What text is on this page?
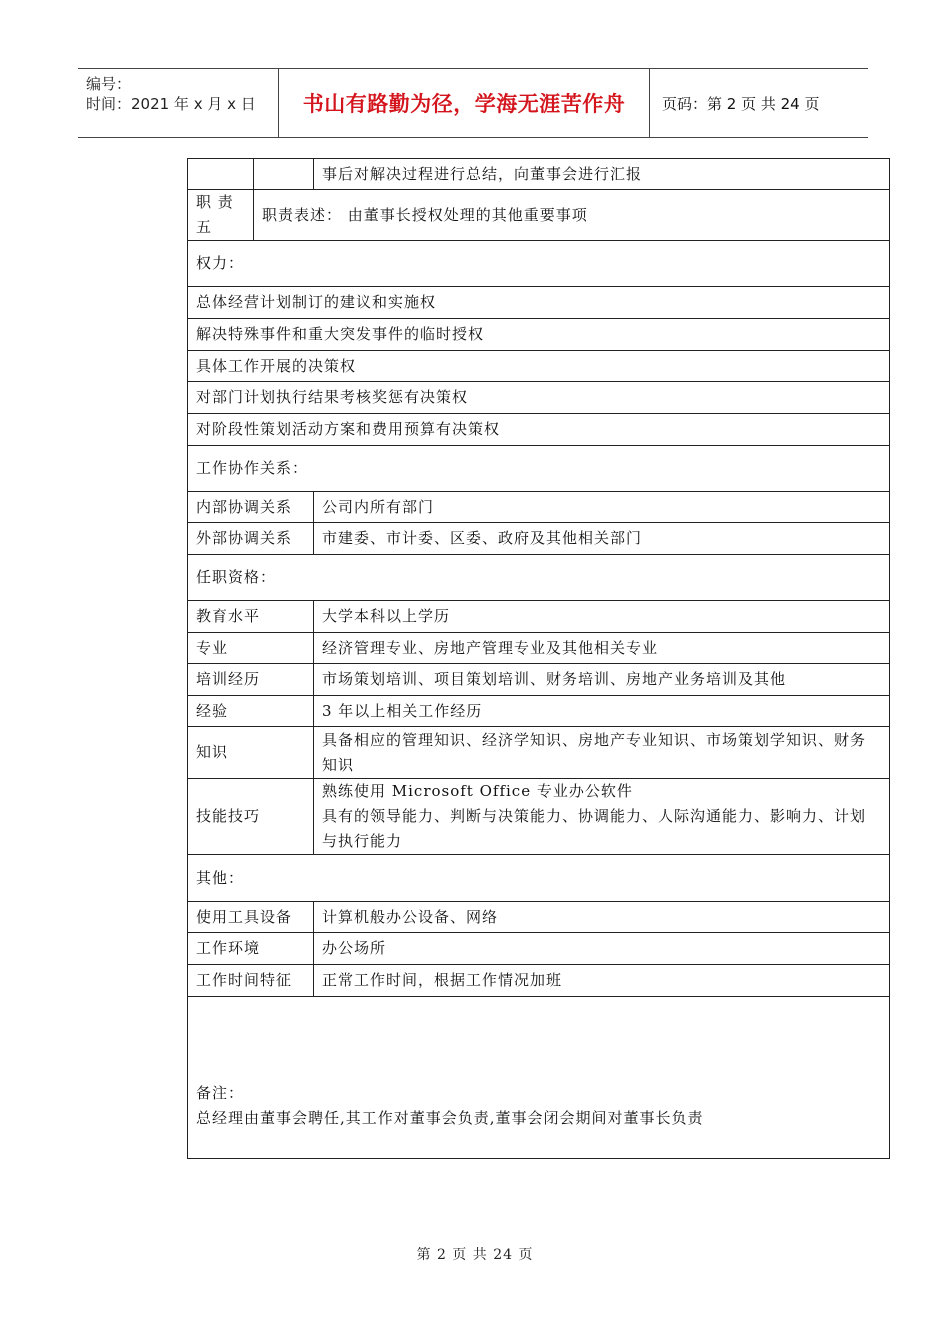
编号：
时间：2021 年 x 月 x 日 书山有路勤为径，学海无涯苦作舟 页码：第 2 页 共 24 页
		事后对解决过程进行总结，向董事会进行汇报
职 责 五	职责表述： 由董事长授权处理的其他重要事项	
权力：		
总体经营计划制订的建议和实施权		
解决特殊事件和重大突发事件的临时授权		
具体工作开展的决策权		
对部门计划执行结果考核奖惩有决策权		
对阶段性策划活动方案和费用预算有决策权		
工作协作关系：		
内部协调关系		公司内所有部门
外部协调关系		市建委、市计委、区委、政府及其他相关部门
任职资格：		
教育水平		大学本科以上学历
专业		经济管理专业、房地产管理专业及其他相关专业
培训经历		市场策划培训、项目策划培训、财务培训、房地产业务培训及其他
经验		3 年以上相关工作经历
知识		具备相应的管理知识、经济学知识、房地产专业知识、市场策划学知识、财务知识
技能技巧		熟练使用 Microsoft Office 专业办公软件
具有的领导能力、判断与决策能力、协调能力、人际沟通能力、影响力、计划与执行能力

其他：		
使用工具设备		计算机般办公设备、网络
工作环境		办公场所
工作时间特征		正常工作时间，根据工作情况加班

备注：
总经理由董事会聘任,其工作对董事会负责,董事会闭会期间对董事长负责		
第 2 页 共 24 页
